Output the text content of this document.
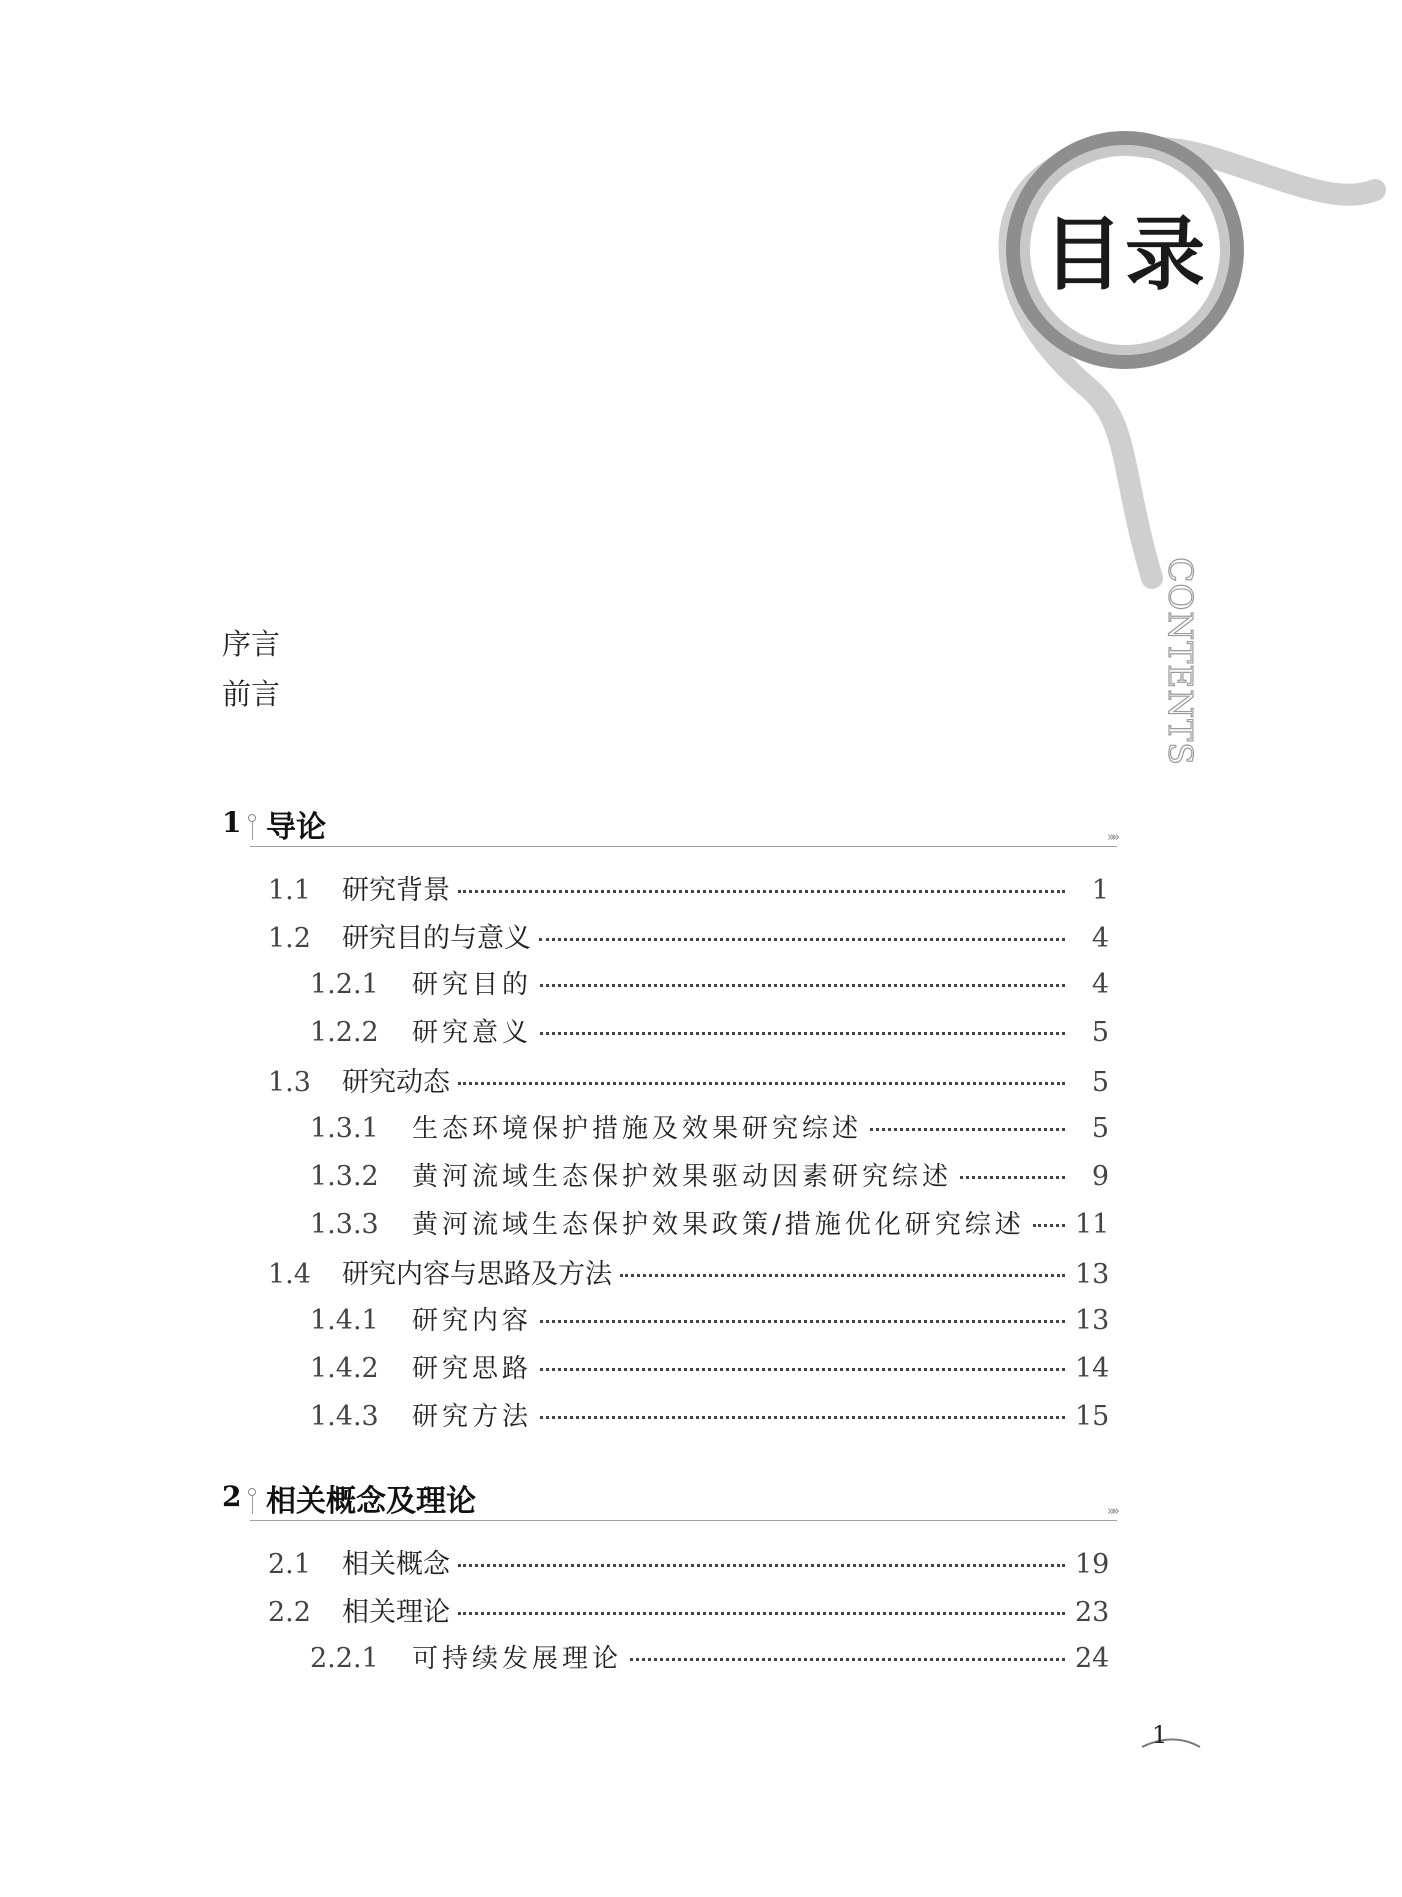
目录
CONTENTS
序言
前言
1 导论	»»
1.1	研究背景	1
1.2	研究目的与意义	4
1.2.1	研究目的	4
1.2.2	研究意义	5
1.3	研究动态	5
1.3.1	生态环境保护措施及效果研究综述	5
1.3.2	黄河流域生态保护效果驱动因素研究综述	9
1.3.3	黄河流域生态保护效果政策/措施优化研究综述 11
1.4	研究内容与思路及方法	13
1.4.1	研究内容	13
1.4.2	研究思路	14
1.4.3	研究方法	15
2 相关概念及理论	»»
2.1	相关概念	19
2.2	相关理论	23
2.2.1	可持续发展理论	24
1
